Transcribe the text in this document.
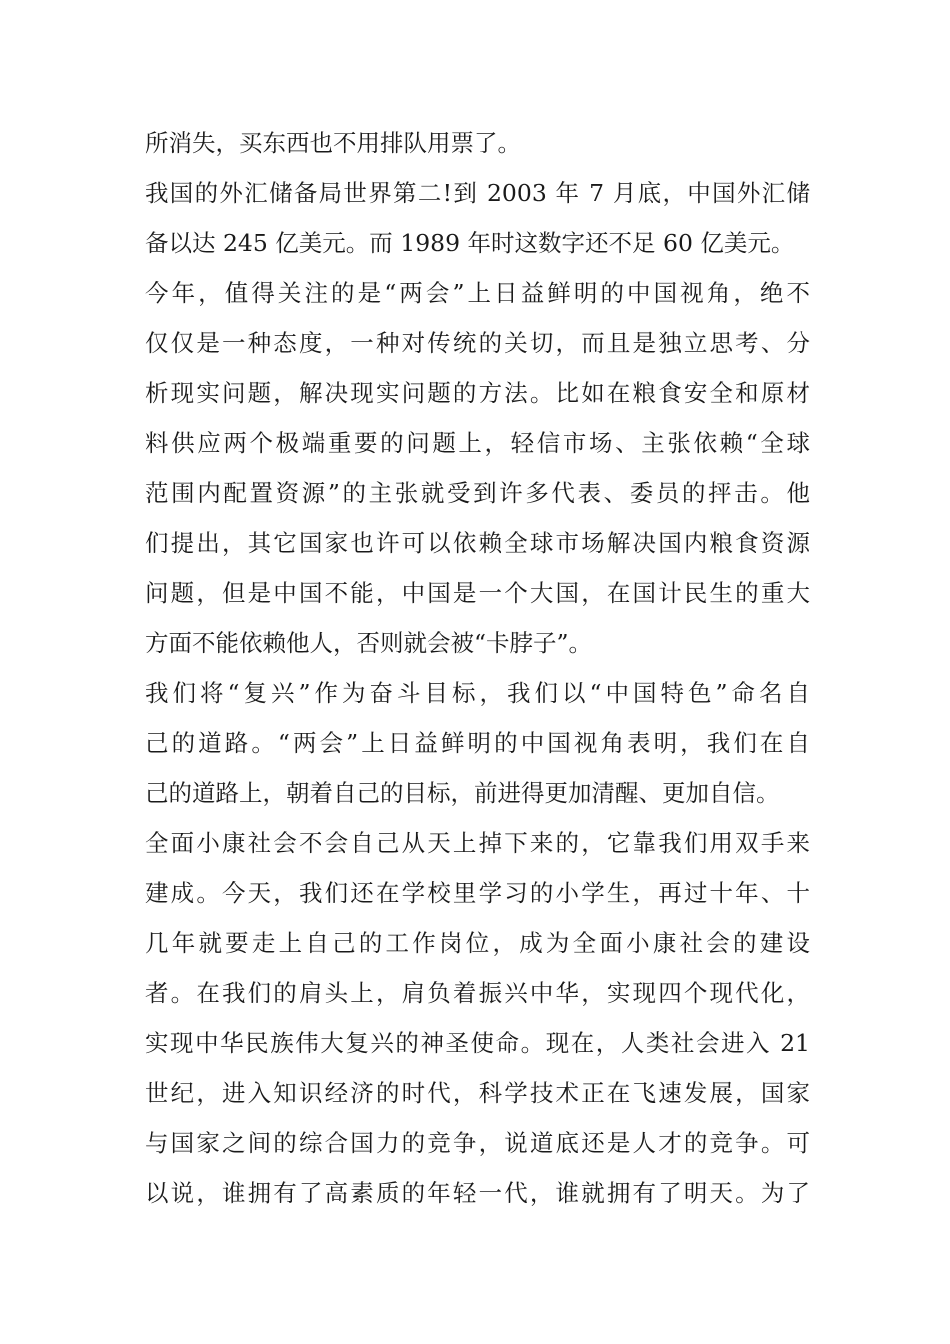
所消失，买东西也不用排队用票了。
我国的外汇储备局世界第二!到 2003 年 7 月底，中国外汇储
备以达 245 亿美元。而 1989 年时这数字还不足 60 亿美元。
今年，值得关注的是“两会”上日益鲜明的中国视角，绝不
仅仅是一种态度，一种对传统的关切，而且是独立思考、分
析现实问题，解决现实问题的方法。比如在粮食安全和原材
料供应两个极端重要的问题上，轻信市场、主张依赖“全球
范围内配置资源”的主张就受到许多代表、委员的抨击。他
们提出，其它国家也许可以依赖全球市场解决国内粮食资源
问题，但是中国不能，中国是一个大国，在国计民生的重大
方面不能依赖他人，否则就会被“卡脖子”。
我们将“复兴”作为奋斗目标，我们以“中国特色”命名自
己的道路。“两会”上日益鲜明的中国视角表明，我们在自
己的道路上，朝着自己的目标，前进得更加清醒、更加自信。
全面小康社会不会自己从天上掉下来的，它靠我们用双手来
建成。今天，我们还在学校里学习的小学生，再过十年、十
几年就要走上自己的工作岗位，成为全面小康社会的建设
者。在我们的肩头上，肩负着振兴中华，实现四个现代化，
实现中华民族伟大复兴的神圣使命。现在，人类社会进入 21
世纪，进入知识经济的时代，科学技术正在飞速发展，国家
与国家之间的综合国力的竞争，说道底还是人才的竞争。可
以说，谁拥有了高素质的年轻一代，谁就拥有了明天。为了
